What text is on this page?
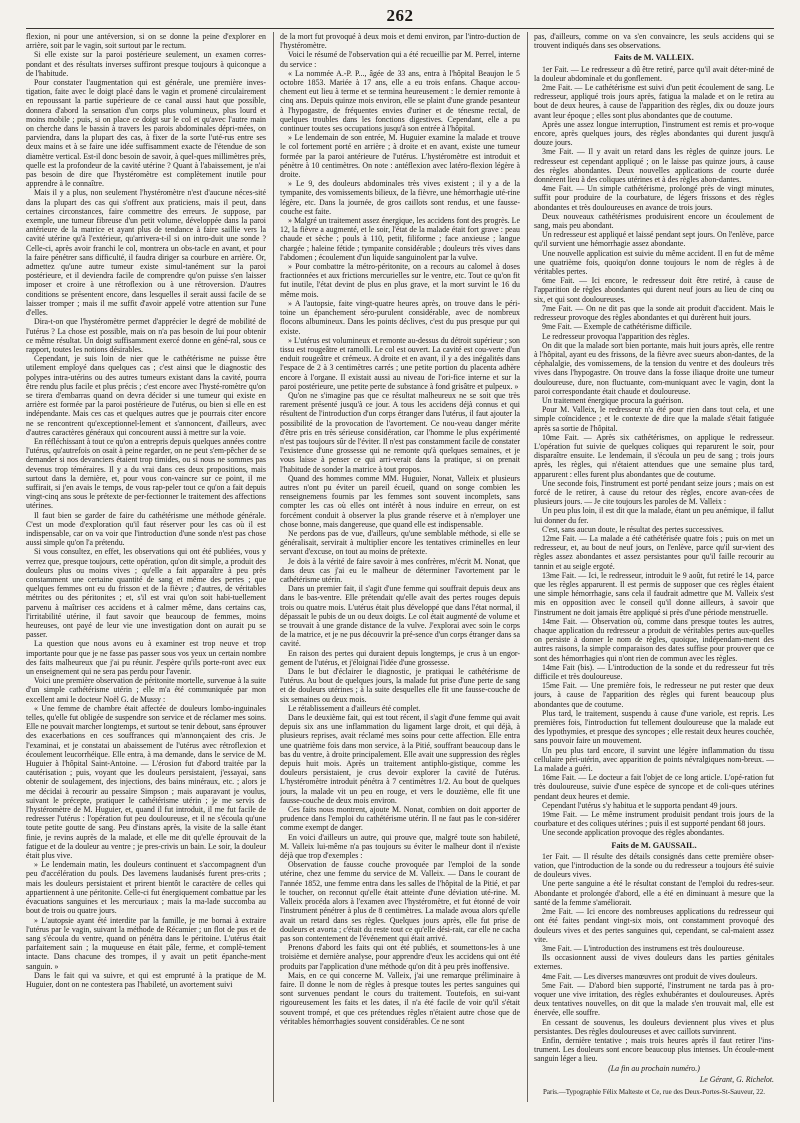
262

flexion, ni pour une antéversion, si on se donne la peine d'explorer en arrière, soit par le vagin, soit surtout par le rectum.

Si elle existe sur la paroi postérieure seulement, un examen corres-pondant et des résultats inverses suffiront presque toujours à quiconque a de l'habitude.

Pour constater l'augmentation qui est générale, une première inves-tigation, faite avec le doigt placé dans le vagin et promené circulairement en repoussant la partie supérieure de ce canal aussi haut que possible, donnera d'abord la sensation d'un corps plus volumineux, plus lourd et moins mobile ; puis, si on place ce doigt sur le col et qu'avec l'autre main on cherche dans le bassin à travers les parois abdominales dépri-mées, on parviendra, dans la plupart des cas, à fixer de la sorte l'uté-rus entre ses deux mains et à se faire une idée suffisamment exacte de l'étendue de son diamètre vertical. Est-il donc besoin de savoir, à quel-ques millimètres près, quelle est la profondeur de la cavité utérine ? Quant à l'abaissement, je n'ai pas besoin de dire que l'hystéromètre est complètement inutile pour apprendre à le connaître.

Mais il y a plus, non seulement l'hystéromètre n'est d'aucune néces-sité dans la plupart des cas qui s'offrent aux praticiens, mais il peut, dans certaines circonstances, faire commettre des erreurs. Je suppose, par exemple, une tumeur fibreuse d'un petit volume, développée dans la paroi antérieure de la matrice et ayant plus de tendance à faire saillie vers la cavité utérine qu'à l'extérieur, qu'arrivera-t-il si on intro-duit une sonde ? Celle-ci, après avoir franchi le col, montrera un obs-tacle en avant, et pour la faire pénétrer sans difficulté, il faudra diriger sa courbure en arrière. Or, admettez qu'une autre tumeur existe simul-tanément sur la paroi postérieure, et il deviendra facile de comprendre qu'on puisse s'en laisser imposer et croire à une rétroflexion ou à une rétroversion. D'autres conditions se présentent encore, dans lesquelles il serait aussi facile de se laisser tromper ; mais il me suffit d'avoir appelé votre attention sur l'une d'elles.

Dira-t-on que l'hystéromètre permet d'apprécier le degré de mobilité de l'utérus ? La chose est possible, mais on n'a pas besoin de lui pour obtenir ce même résultat. Un doigt suffisamment exercé donne en géné-ral, sous ce rapport, toutes les notions désirables.

Cependant, je suis loin de nier que le cathétérisme ne puisse être utilement employé dans quelques cas ; c'est ainsi que le diagnostic des polypes intra-utérins ou des autres tumeurs existant dans la cavité, pourra être rendu plus facile et plus précis ; c'est encore avec l'hysté-romètre qu'on se tirera d'embarras quand on devra décider si une tumeur qui existe en arrière est formée par la paroi postérieure de l'utérus, ou bien si elle en est indépendante. Mais ces cas et quelques autres que je pourrais citer encore ne se rencontrent qu'exceptionnel-lement et s'annoncent, d'ailleurs, avec d'autres caractères généraux qui concourent aussi à mettre sur la voie.

En réfléchissant à tout ce qu'on a entrepris depuis quelques années contre l'utérus, qu'autrefois on osait à peine regarder, on ne peut s'em-pêcher de se demander si nos devanciers étaient trop timides, ou si nous ne sommes pas devenus trop téméraires. Il y a du vrai dans ces deux propositions, mais surtout dans la dernière, et, pour vous con-vaincre sur ce point, il me suffirait, si j'en avais le temps, de vous rap-peler tout ce qu'on a fait depuis vingt-cinq ans sous le prétexte de per-fectionner le traitement des affections utérines.

Il faut bien se garder de faire du cathétérisme une méthode générale. C'est un mode d'exploration qu'il faut réserver pour les cas où il est indispensable, car on va voir que l'introduction d'une sonde n'est pas chose aussi simple qu'on l'a prétendu.

Si vous consultez, en effet, les observations qui ont été publiées, vous y verrez que, presque toujours, cette opération, qu'on dit simple, a produit des douleurs plus ou moins vives ; qu'elle a fait apparaître à peu près constamment une certaine quantité de sang et même des pertes ; que quelques femmes ont eu du frisson et de la fièvre ; d'autres, de véritables métrites ou des péritonites ; et, s'il est vrai qu'on soit habi-tuellement parvenu à maîtriser ces accidens et à calmer même, dans certains cas, l'irritabilité utérine, il faut savoir que beaucoup de femmes, moins heureuses, ont payé de leur vie une investigation dont on aurait pu se passer.

La question que nous avons eu à examiner est trop neuve et trop importante pour que je ne fasse pas passer sous vos yeux un certain nombre des faits malheureux que j'ai pu réunir. J'espère qu'ils porte-ront avec eux un enseignement qui ne sera pas perdu pour l'avenir.

Voici une première observation de péritonite mortelle, survenue à la suite d'un simple cathétérisme utérin ; elle m'a été communiquée par mon excellent ami le docteur Noël G. de Mussy :

« Une femme de chambre était affectée de douleurs lombo-inguinales telles, qu'elle fut obligée de suspendre son service et de réclamer mes soins. Elle ne pouvait marcher longtemps, et surtout se tenir debout, sans éprouver des exacerbations en ces souffrances qui m'annonçaient des cris. Je l'examinai, et je constatai un abaissement de l'utérus avec rétroflexion et écoulement leucorrhéique. Elle entra, à ma demande, dans le service de M. Huguier à l'hôpital Saint-Antoine. — L'érosion fut d'abord traitée par la cautérisation ; puis, voyant que les douleurs persistaient, j'essayai, sans obtenir de soulagement, des injections, des bains minéraux, etc. ; alors je me décidai à recourir au pessaire Simpson ; mais auparavant je voulus, suivant le précepte, pratiquer le cathétérisme utérin ; je me servis de l'hystéromètre de M. Huguier, et, quand il fut introduit, il me fut facile de redresser l'utérus : l'opération fut peu douloureuse, et il ne s'écoula qu'une toute petite goutte de sang. Peu d'instans après, la visite de la salle étant finie, je revins auprès de la malade, et elle me dit qu'elle éprouvait de la fatigue et de la douleur au ventre ; je pres-crivis un bain. Le soir, la douleur était plus vive.

» Le lendemain matin, les douleurs continuent et s'accompagnent d'un peu d'accélération du pouls. Des lavemens laudanisés furent pres-crits ; mais les douleurs persistaient et prirent bientôt le caractère de celles qui appartiennent à une péritonite. Celle-ci fut énergiquement combattue par les évacuations sanguines et les mercuriaux ; mais la ma-lade succomba au bout de trois ou quatre jours.

» L'autopsie ayant été interdite par la famille, je me bornai à extraire l'utérus par le vagin, suivant la méthode de Récamier ; un flot de pus et de sang s'écoula du ventre, quand on pénétra dans le péritoine. L'utérus était parfaitement sain ; la muqueuse en était pâle, ferme, et complè-tement intacte. Dans chacune des trompes, il y avait un petit épanche-ment sanguin. »

Dans le fait qui va suivre, et qui est emprunté à la pratique de M. Huguier, dont on ne contestera pas l'habileté, un avortement suivi

de la mort fut provoqué à deux mois et demi environ, par l'intro-duction de l'hystéromètre.

Voici le résumé de l'observation qui a été recueillie par M. Perrel, interne du service :

« La nommée A.-P. P..., âgée de 33 ans, entra à l'hôpital Beaujon le 5 octobre 1853. Mariée à 17 ans, elle a eu trois enfans. Chaque accou-chement eut lieu à terme et se termina heureusement : le dernier remonte à cinq ans. Depuis quinze mois environ, elle se plaint d'une grande pesanteur à l'hypogastre, de fréquentes envies d'uriner et de ténesme rectal, de quelques troubles dans les fonctions digestives. Cependant, elle a pu continuer toutes ses occupations jusqu'à son entrée à l'hôpital.

» Le lendemain de son entrée, M. Huguier examine la malade et trouve le col fortement porté en arrière ; à droite et en avant, existe une tumeur formée par la paroi antérieure de l'utérus. L'hystéromètre est introduit et pénètre à 10 centimètres. On note : antéflexion avec latéro-flexion légère à droite.

» Le 9, des douleurs abdominales très vives existent ; il y a de la tympanite, des vomissements bilieux, de la fièvre, une hémorrhagie uté-rine légère, etc. Dans la journée, de gros caillots sont rendus, et une fausse-couche est faite.

» Malgré un traitement assez énergique, les accidens font des progrès. Le 12, la fièvre a augmenté, et le soir, l'état de la malade était fort grave : peau chaude et sèche ; pouls à 110, petit, filiforme ; face anxieuse ; langue chargée ; haleine fétide ; tympanite considérable ; douleurs très vives dans l'abdomen ; écoulement d'un liquide sanguinolent par la vulve.

» Pour combattre la métro-péritonite, on a recours au calomel à doses fractionnées et aux frictions mercurielles sur le ventre, etc. Tout ce qu'on fit fut inutile, l'état devint de plus en plus grave, et la mort survint le 16 du même mois.

» A l'autopsie, faite vingt-quatre heures après, on trouve dans le péri-toine un épanchement séro-purulent considérable, avec de nombreux flocons albumineux. Dans les points déclives, c'est du pus presque pur qui existe.

» L'utérus est volumineux et remonte au-dessus du détroit supérieur ; son tissu est rougeâtre et ramolli. Le col est ouvert. La cavité est cou-verte d'un enduit rougeâtre et crémeux. A droite et en avant, il y a des inégalités dans l'espace de 2 à 3 centimètres carrés ; une petite portion du placenta adhère encore à l'organe. Il existait aussi au niveau de l'ori-fice interne et sur la paroi postérieure, une petite perte de substance à fond grisâtre et pulpeux. »

Qu'on ne s'imagine pas que ce résultat malheureux ne se soit que très rarement présenté jusqu'à ce jour. A tous les accidens déjà connus et qui résultent de l'introduction d'un corps étranger dans l'utérus, il faut ajouter la possibilité de la provocation de l'avortement. Ce nou-veau danger mérite d'être pris en très sérieuse considération, car l'homme le plus expérimenté n'est pas toujours sûr de l'éviter. Il n'est pas constamment facile de constater l'existence d'une grossesse qui ne remonte qu'à quelques semaines, et je vous laisse à penser ce qui arri-verait dans la pratique, si on prenait l'habitude de sonder la matrice à tout propos.

Quand des hommes comme MM. Huguier, Nonat, Valleix et plusieurs autres n'ont pu éviter un pareil écueil, quand on songe combien les renseignemens fournis par les femmes sont souvent incomplets, sans compter les cas où elles ont intérêt à nous induire en erreur, on est forcément conduit à observer la plus grande réserve et à n'employer une chose bonne, mais dangereuse, que quand elle est indispensable.

Ne perdons pas de vue, d'ailleurs, qu'une semblable méthode, si elle se généralisait, servirait à multiplier encore les tentatives criminelles en leur servant d'excuse, on tout au moins de prétexte.

Je dois à la vérité de faire savoir à mes confrères, m'écrit M. Nonat, que dans deux cas j'ai eu le malheur de déterminer l'avortement par le cathétérisme utérin.

Dans un premier fait, il s'agit d'une femme qui souffrait depuis deux ans dans le bas-ventre. Elle prétendait qu'elle avait des pertes rouges depuis trois ou quatre mois. L'utérus était plus développé que dans l'état normal, il dépassait le pubis de un ou deux doigts. Le col était augmenté de volume et se trouvait à une grande distance de la vulve. J'explorai avec soin le corps de la matrice, et je ne pus découvrir la pré-sence d'un corps étranger dans sa cavité.

En raison des pertes qui duraient depuis longtemps, je crus à un engor-gement de l'utérus, et j'éloignai l'idée d'une grossesse.

Dans le but d'éclairer le diagnostic, je pratiquai le cathétérisme de l'utérus. Au bout de quelques jours, la malade fut prise d'une perte de sang et de douleurs utérines ; à la suite desquelles elle fit une fausse-couche de six semaines ou deux mois.

Le rétablissement a d'ailleurs été complet.

Dans le deuxième fait, qui est tout récent, il s'agit d'une femme qui avait depuis six ans une inflammation du ligament large droit, et qui déjà, à plusieurs reprises, avait réclamé mes soins pour cette affection. Elle entra une quatrième fois dans mon service, à la Pitié, souffrant beaucoup dans le bas du ventre, à droite principalement. Elle avait une suppression des règles depuis huit mois. Après un traitement antiphlo-gistique, comme les douleurs persistaient, je crus devoir explorer la cavité de l'utérus. L'hystéromètre introduit pénétra à 7 centimètres 1/2. Au bout de quelques jours, la malade vit un peu en rouge, et vers le douzième, elle fit une fausse-couche de deux mois environ.

Ces faits nous montrent, ajoute M. Nonat, combien on doit apporter de prudence dans l'emploi du cathétérisme utérin. Il ne faut pas le con-sidérer comme exempt de danger.

En voici d'ailleurs un autre, qui prouve que, malgré toute son habileté, M. Valleix lui-même n'a pas toujours su éviter le malheur dont il n'existe déjà que trop d'exemples :

Observation de fausse couche provoquée par l'emploi de la sonde utérine, chez une femme du service de M. Valleix. — Dans le courant de l'année 1852, une femme entra dans les salles de l'hôpital de la Pitié, et par le toucher, on reconnut qu'elle était atteinte d'une déviation uté-rine. M. Valleix procéda alors à l'examen avec l'hystéromètre, et fut étonné de voir l'instrument pénétrer à plus de 8 centimètres. La malade avoua alors qu'elle avait un retard dans ses règles. Quelques jours après, elle fut prise de douleurs et avorta ; c'était du reste tout ce qu'elle dési-rait, car elle ne cacha pas son contentement de l'événement qui était arrivé.

Prenons d'abord les faits qui ont été publiés, et soumettons-les à une troisième et dernière analyse, pour apprendre d'eux les accidens qui ont été produits par l'application d'une méthode qu'on dit à peu près inoffensive.

Mais, en ce qui concerne M. Valleix, j'ai une remarque préliminaire à faire. Il donne le nom de règles à presque toutes les pertes sanguines qui sont survenues pendant le cours du traitement. Toutefois, en sui-vant rigoureusement les faits et les dates, il n'a été facile de voir qu'il s'était souvent trompé, et que ces prétendues règles n'étaient autre chose que de véritables hémorrhagies souvent considérables. Ce ne sont

pas, d'ailleurs, comme on va s'en convaincre, les seuls accidens qui se trouvent indiqués dans ses observations.

Faits de M. VALLEIX.

1er Fait. — Le redresseur a dû être retiré, parce qu'il avait déter-miné de la douleur abdominale et du gonflement.

2me Fait. — Le cathétérisme est suivi d'un petit écoulement de sang. Le redresseur, appliqué trois jours après, fatigua la malade et on le retira au bout de deux heures, à cause de l'apparition des règles, dix ou douze jours avant leur époque ; elles sont plus abondantes que de coutume.

Après une assez longue interruption, l'instrument est remis et pro-voque encore, après quelques jours, des règles abondantes qui durent jusqu'à douze jours.

3me Fait. — Il y avait un retard dans les règles de quinze jours. Le redresseur est cependant appliqué ; on le laisse pas quinze jours, à cause des règles abondantes. Deux nouvelles applications de courte durée donnèrent lieu à des coliques utérines et à des règles abon-dantes.

4me Fait. — Un simple cathétérisme, prolongé près de vingt minutes, suffit pour produire de la courbature, de légers frissons et des règles abondantes et très douloureuses en avance de trois jours.

Deux nouveaux cathétérismes produisirent encore un écoulement de sang, mais peu abondant.

Un redresseur est appliqué et laissé pendant sept jours. On l'enlève, parce qu'il survient une hémorrhagie assez abondante.

Une nouvelle application est suivie du même accident. Il en fut de même une quatrième fois, quoiqu'on donne toujours le nom de règles à de véritables pertes.

6me Fait. — Ici encore, le redresseur doit être retiré, à cause de l'apparition de règles abondantes qui durent neuf jours au lieu de cinq ou six, et qui sont douloureuses.

7me Fait. — On ne dit pas que la sonde ait produit d'accident. Mais le redresseur provoque des règles abondantes et qui durèrent huit jours.

9me Fait. — Exemple de cathétérisme difficile.

Le redresseur provoqua l'apparition des règles.

On dit que la malade sort bien portante, mais huit jours après, elle rentre à l'hôpital, ayant eu des frissons, de la fièvre avec sueurs abon-dantes, de la céphalalgie, des vomissemens, de la tension du ventre et des douleurs très vives dans l'hypogastre. On trouve dans la fosse iliaque droite une tumeur douloureuse, dure, non fluctuante, com-muniquant avec le vagin, dont la paroi correspondante était chaude et douloureuse.

Un traitement énergique procura la guérison.

Pour M. Valleix, le redresseur n'a été pour rien dans tout cela, et une simple coïncidence ; et le contexte de dire que la malade s'était fatiguée après sa sortie de l'hôpital.

10me Fait. — Après six cathétérismes, on applique le redresseur. L'opération fut suivie de quelques coliques qui reparurent le soir, pour disparaître ensuite. Le lendemain, il s'écoula un peu de sang ; trois jours après, les règles, qui n'étaient attendues que une semaine plus tard, apparurent : elles furent plus abondantes que de coutume.

Une seconde fois, l'instrument est porté pendant seize jours ; mais on est forcé de le retirer, à cause du retour des règles, encore avan-cées de plusieurs jours. — Je cite toujours les paroles de M. Valleix :

Un peu plus loin, il est dit que la malade, étant un peu anémique, il fallut lui donner du fer.

C'est, sans aucun doute, le résultat des pertes successives.

12me Fait. — La malade a été cathétérisée quatre fois ; puis on met un redresseur, et, au bout de neuf jours, on l'enlève, parce qu'il sur-vient des règles assez abondantes et assez persistantes pour qu'il faille recourir au tannin et au seigle ergoté.

13me Fait. — Ici, le redresseur, introduit le 9 août, fut retiré le 14, parce que les règles apparurent. Il est permis de supposer que ces règles étaient une simple hémorrhagie, sans cela il faudrait admettre que M. Valleix s'est mis en opposition avec le conseil qu'il donne ailleurs, à savoir que l'instrument ne doit jamais être appliqué si près d'une période menstruelle.

14me Fait. — Observation où, comme dans presque toutes les autres, chaque application du redresseur a produit de véritables pertes aux-quelles on persiste à donner le nom de règles, quoique, indépendam-ment des autres raisons, la simple comparaison des dates suffise pour prouver que ce sont des hémorrhagies qui n'ont rien de commun avec les règles.

14me Fait (bis). — L'introduction de la sonde et du redresseur fut très difficile et très douloureuse.

15me Fait. — Une première fois, le redresseur ne put rester que deux jours, à cause de l'apparition des règles qui furent beaucoup plus abondantes que de coutume.

Plus tard, le traitement, suspendu à cause d'une variole, est repris. Les premières fois, l'introduction fut tellement douloureuse que la malade eut des lypothymies, et presque des syncopes ; elle restait deux heures couchée, sans pouvoir faire un mouvement.

Un peu plus tard encore, il survint une légère inflammation du tissu cellulaire péri-utérin, avec apparition de points névralgiques nom-breux. — La malade a guéri.

16me Fait. — Le docteur a fait l'objet de ce long article. L'opé-ration fut très douloureuse, suivie d'une espèce de syncope et de coli-ques utérines pendant deux heures et demie.

Cependant l'utérus s'y habitua et le supporta pendant 49 jours.

19me Fait. — Le même instrument produisit pendant trois jours de la courbature et des coliques utérines ; puis il est supporté pendant 68 jours.

Une seconde application provoque des règles abondantes.

Faits de M. GAUSSAIL.

1er Fait. — Il résulte des détails consignés dans cette première obser-vation, que l'introduction de la sonde ou du redresseur a toujours été suivie de douleurs vives.

Une perte sanguine a été le résultat constant de l'emploi du redres-seur. Abondante et prolongée d'abord, elle a été en diminuant à mesure que la santé de la femme s'améliorait.

2me Fait. — Ici encore des nombreuses applications du redresseur qui ont été faites pendant vingt-six mois, ont constamment provoqué des douleurs vives et des pertes sanguines qui, cependant, se cal-maient assez vite.

3me Fait. — L'introduction des instrumens est très douloureuse.

Ils occasionnent aussi de vives douleurs dans les parties génitales externes.

4me Fait. — Les diverses manœuvres ont produit de vives douleurs.

5me Fait. — D'abord bien supporté, l'instrument ne tarda pas à pro-voquer une vive irritation, des règles exhubérantes et douloureuses. Après deux tentatives nouvelles, on dit que la malade s'en trouvait mal, elle est énervée, elle souffre.

En cessant de souvenus, les douleurs deviennent plus vives et plus persistantes. Des règles douloureuses et avec caillots survinrent.

Enfin, dernière tentative ; mais trois heures après il faut retirer l'ins-trument. Les douleurs sont encore beaucoup plus intenses. Un écoule-ment sanguin léger a lieu.

(La fin au prochain numéro.)

Le Gérant, G. Richelot.

Paris.—Typographie Félix Malteste et Ce, rue des Deux-Portes-St-Sauveur, 22.
